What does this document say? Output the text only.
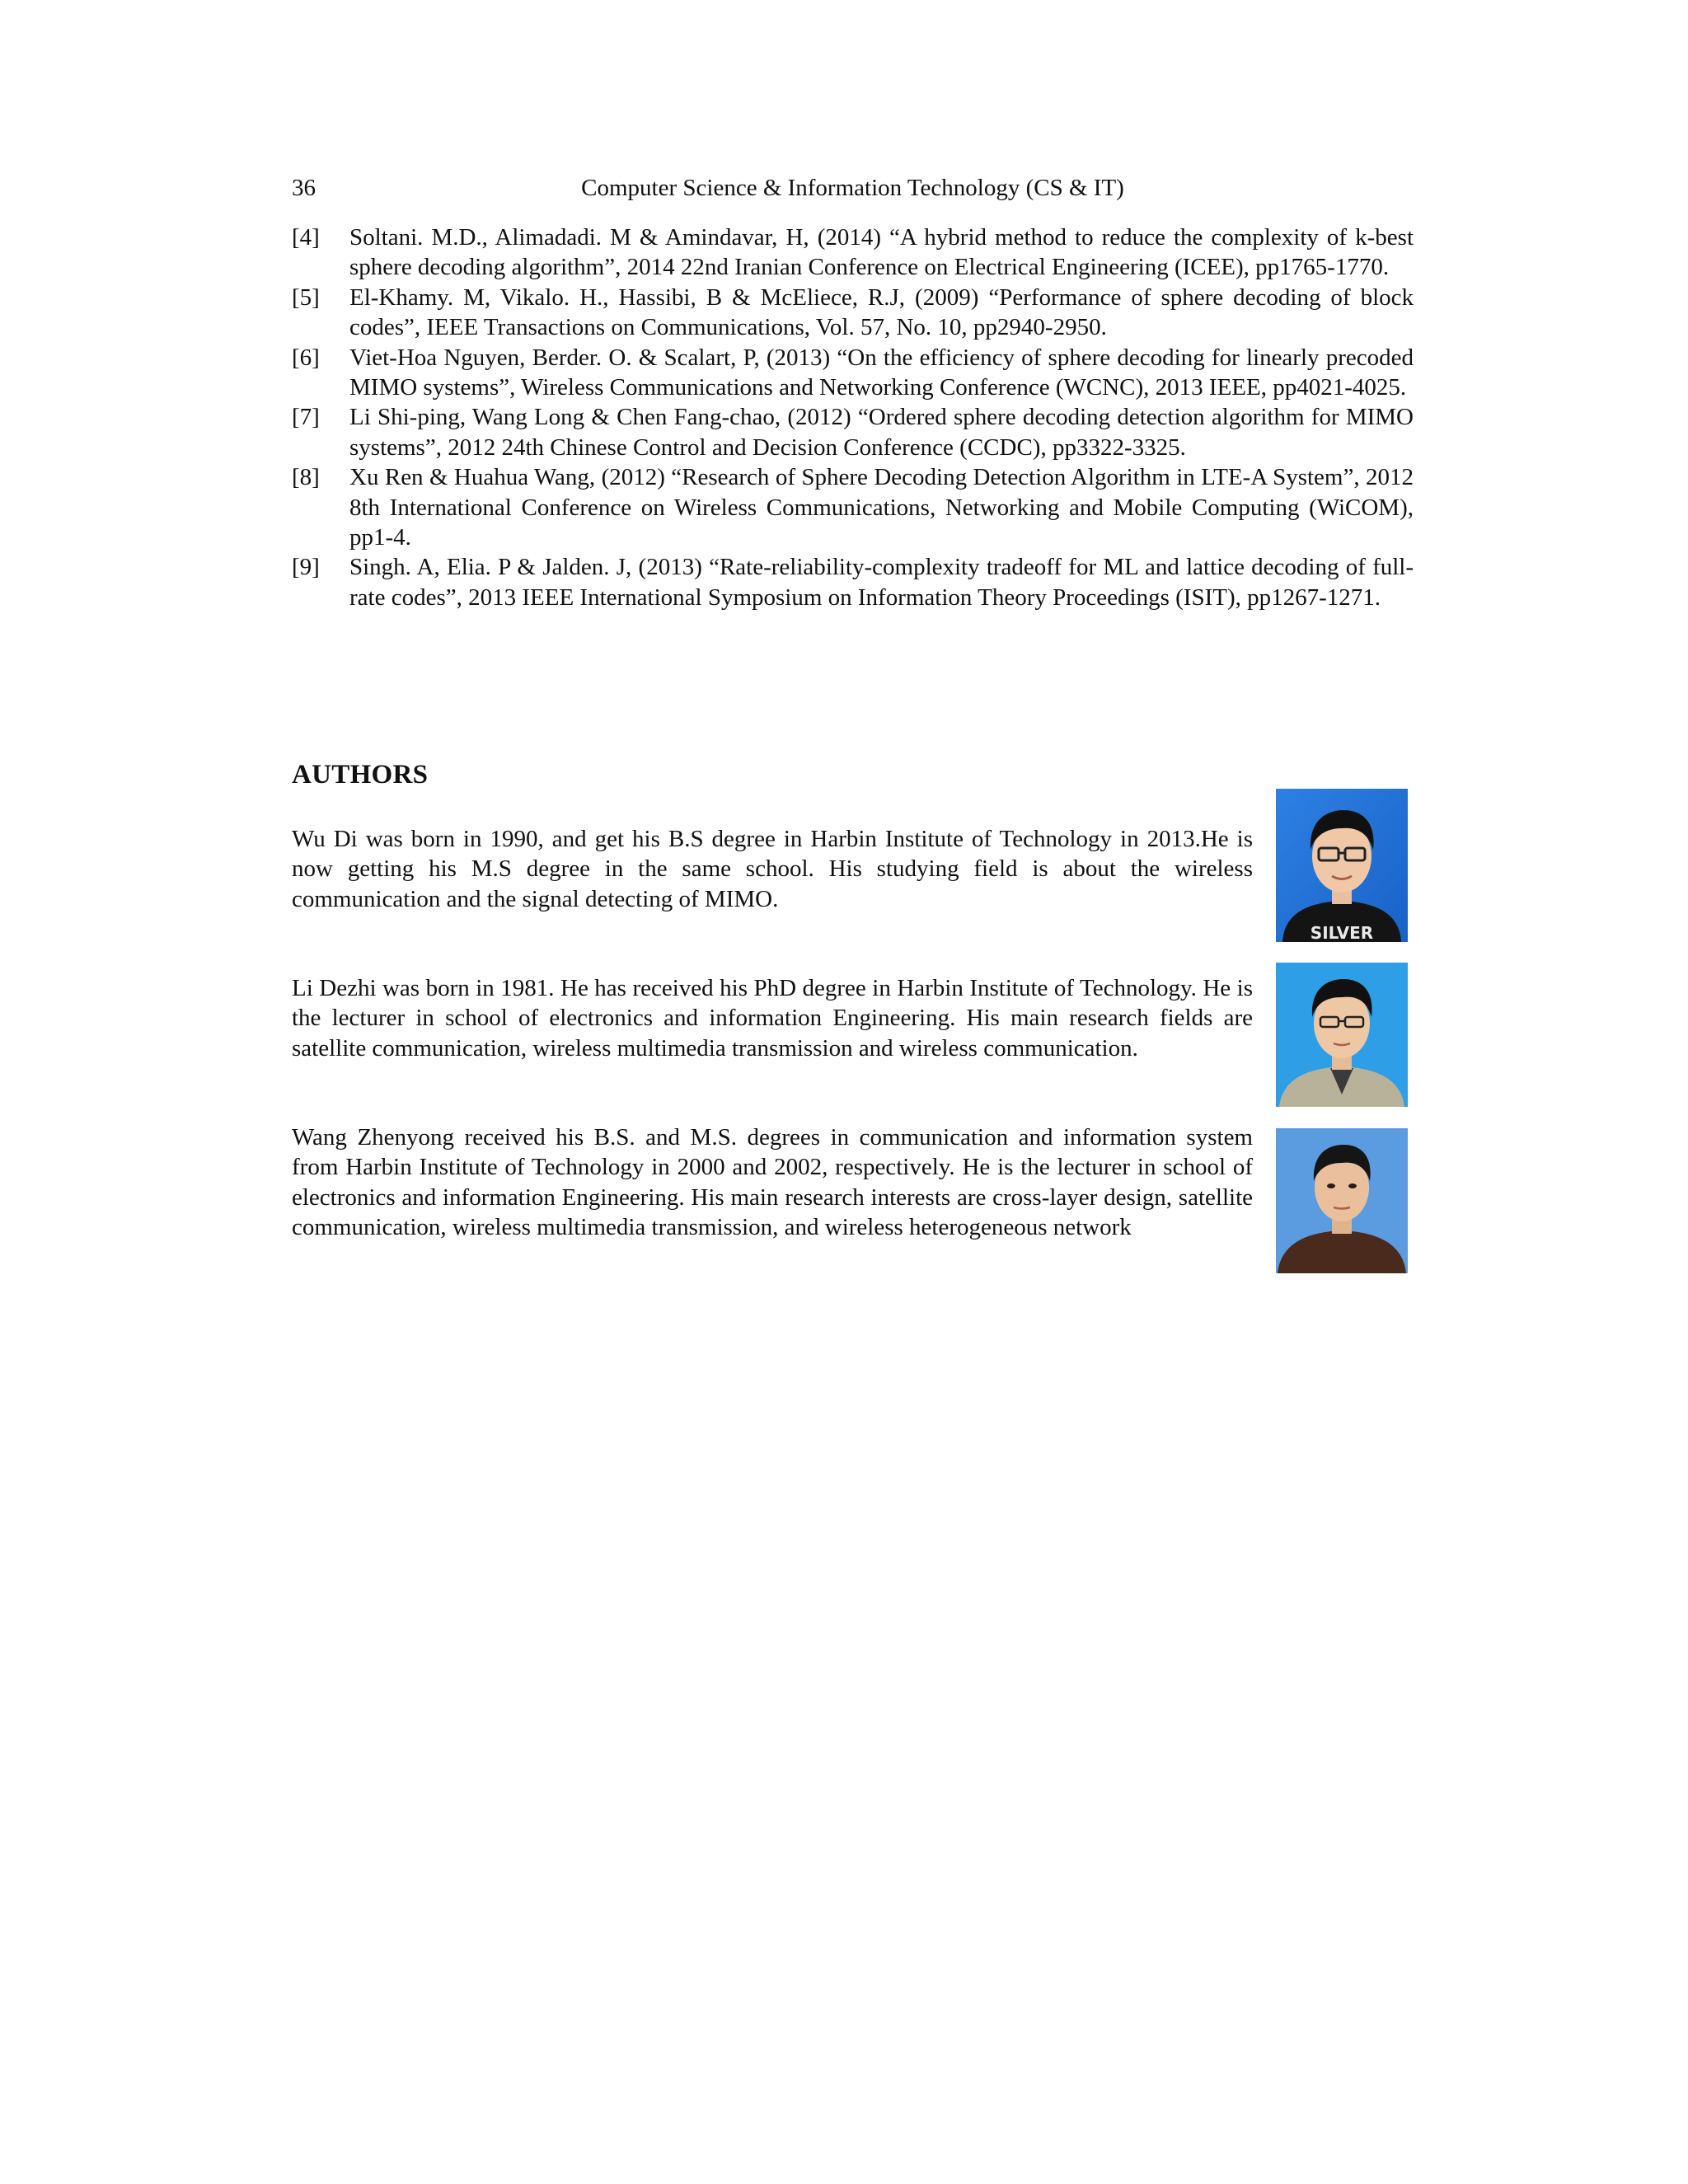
36	Computer Science & Information Technology (CS & IT)
[4] Soltani. M.D., Alimadadi. M & Amindavar, H, (2014) “A hybrid method to reduce the complexity of k-best sphere decoding algorithm”, 2014 22nd Iranian Conference on Electrical Engineering (ICEE), pp1765-1770.
[5] El-Khamy. M, Vikalo. H., Hassibi, B & McEliece, R.J, (2009) “Performance of sphere decoding of block codes”, IEEE Transactions on Communications, Vol. 57, No. 10, pp2940-2950.
[6] Viet-Hoa Nguyen, Berder. O. & Scalart, P, (2013) “On the efficiency of sphere decoding for linearly precoded MIMO systems”, Wireless Communications and Networking Conference (WCNC), 2013 IEEE, pp4021-4025.
[7] Li Shi-ping, Wang Long & Chen Fang-chao, (2012) “Ordered sphere decoding detection algorithm for MIMO systems”, 2012 24th Chinese Control and Decision Conference (CCDC), pp3322-3325.
[8] Xu Ren & Huahua Wang, (2012) “Research of Sphere Decoding Detection Algorithm in LTE-A System”, 2012 8th International Conference on Wireless Communications, Networking and Mobile Computing (WiCOM), pp1-4.
[9] Singh. A, Elia. P & Jalden. J, (2013) “Rate-reliability-complexity tradeoff for ML and lattice decoding of full-rate codes”, 2013 IEEE International Symposium on Information Theory Proceedings (ISIT), pp1267-1271.
AUTHORS

Wu Di was born in 1990, and get his B.S degree in Harbin Institute of Technology in 2013.He is now getting his M.S degree in the same school. His studying field is about the wireless communication and the signal detecting of MIMO.

SILVER

Li Dezhi was born in 1981. He has received his PhD degree in Harbin Institute of Technology. He is the lecturer in school of electronics and information Engineering. His main research fields are satellite communication, wireless multimedia transmission and wireless communication.

Wang Zhenyong received his B.S. and M.S. degrees in communication and information system from Harbin Institute of Technology in 2000 and 2002, respectively. He is the lecturer in school of electronics and information Engineering. His main research interests are cross-layer design, satellite communication, wireless multimedia transmission, and wireless heterogeneous network
